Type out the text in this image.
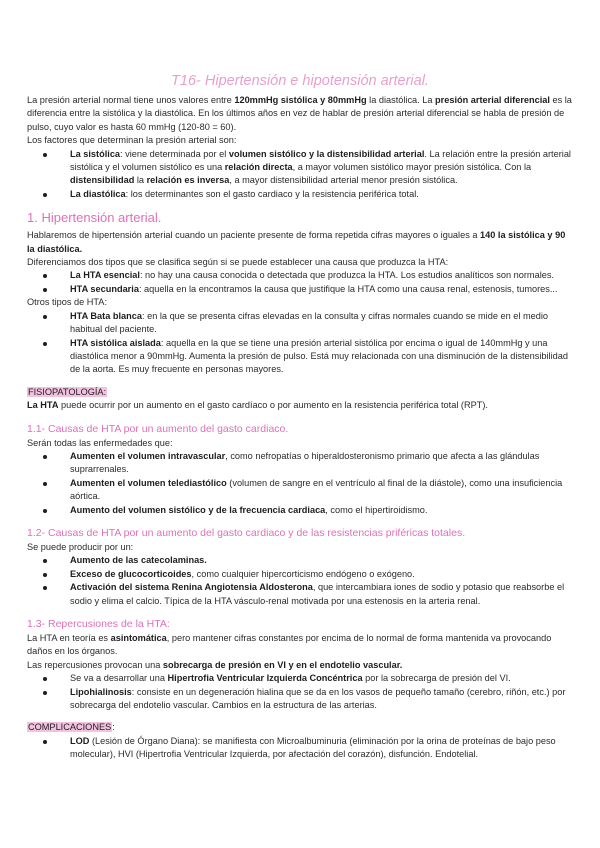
T16- Hipertensión e hipotensión arterial.

La presión arterial normal tiene unos valores entre 120mmHg sistólica y 80mmHg la diastólica. La presión arterial diferencial es la diferencia entre la sistólica y la diastólica. En los últimos años en vez de hablar de presión arterial diferencial se habla de presión de pulso, cuyo valor es hasta 60 mmHg (120-80 = 60).

Los factores que determinan la presión arterial son:

La sistólica: viene determinada por el volumen sistólico y la distensibilidad arterial. La relación entre la presión arterial sistólica y el volumen sistólico es una relación directa, a mayor volumen sistólico mayor presión sistólica. Con la distensibilidad la relación es inversa, a mayor distensibilidad arterial menor presión sistólica.
La diastólica: los determinantes son el gasto cardiaco y la resistencia periférica total.
1. Hipertensión arterial.

Hablaremos de hipertensión arterial cuando un paciente presente de forma repetida cifras mayores o iguales a 140 la sistólica y 90 la diastólica.

Diferenciamos dos tipos que se clasifica según si se puede establecer una causa que produzca la HTA:

La HTA esencial: no hay una causa conocida o detectada que produzca la HTA. Los estudios analíticos son normales.
HTA secundaria: aquella en la encontramos la causa que justifique la HTA como una causa renal, estenosis, tumores...

Otros tipos de HTA:

HTA Bata blanca: en la que se presenta cifras elevadas en la consulta y cifras normales cuando se mide en el medio habitual del paciente.
HTA sistólica aislada: aquella en la que se tiene una presión arterial sistólica por encima o igual de 140mmHg y una diastólica menor a 90mmHg. Aumenta la presión de pulso. Está muy relacionada con una disminución de la distensibilidad de la aorta. Es muy frecuente en personas mayores.

FISIOPATOLOGÍA:

La HTA puede ocurrir por un aumento en el gasto cardíaco o por aumento en la resistencia periférica total (RPT).

1.1- Causas de HTA por un aumento del gasto cardiaco.

Serán todas las enfermedades que:

Aumenten el volumen intravascular, como nefropatías o hiperaldosteronismo primario que afecta a las glándulas suprarrenales.
Aumenten el volumen telediastólico (volumen de sangre en el ventrículo al final de la diástole), como una insuficiencia aórtica.
Aumento del volumen sistólico y de la frecuencia cardiaca, como el hipertiroidismo.
1.2- Causas de HTA por un aumento del gasto cardiaco y de las resistencias priféricas totales.

Se puede producir por un:

Aumento de las catecolaminas.
Exceso de glucocorticoides, como cualquier hipercorticismo endógeno o exógeno.
Activación del sistema Renina Angiotensia Aldosterona, que intercambiara iones de sodio y potasio que reabsorbe el sodio y elima el calcio. Típica de la HTA vásculo-renal motivada por una estenosis en la arteria renal.
1.3- Repercusiones de la HTA:

La HTA en teoría es asintomática, pero mantener cifras constantes por encima de lo normal de forma mantenida va provocando daños en los órganos.

Las repercusiones provocan una sobrecarga de presión en VI y en el endotelio vascular.

Se va a desarrollar una Hipertrofia Ventricular Izquierda Concéntrica por la sobrecarga de presión del VI.
Lipohialinosis: consiste en un degeneración hialina que se da en los vasos de pequeño tamaño (cerebro, riñón, etc.) por sobrecarga del endotelio vascular. Cambios en la estructura de las arterias.

COMPLICACIONES:

LOD (Lesión de Órgano Diana): se manifiesta con Microalbuminuria (eliminación por la orina de proteínas de bajo peso molecular), HVI (Hipertrofia Ventricular Izquierda, por afectación del corazón), disfunción. Endotelial.
